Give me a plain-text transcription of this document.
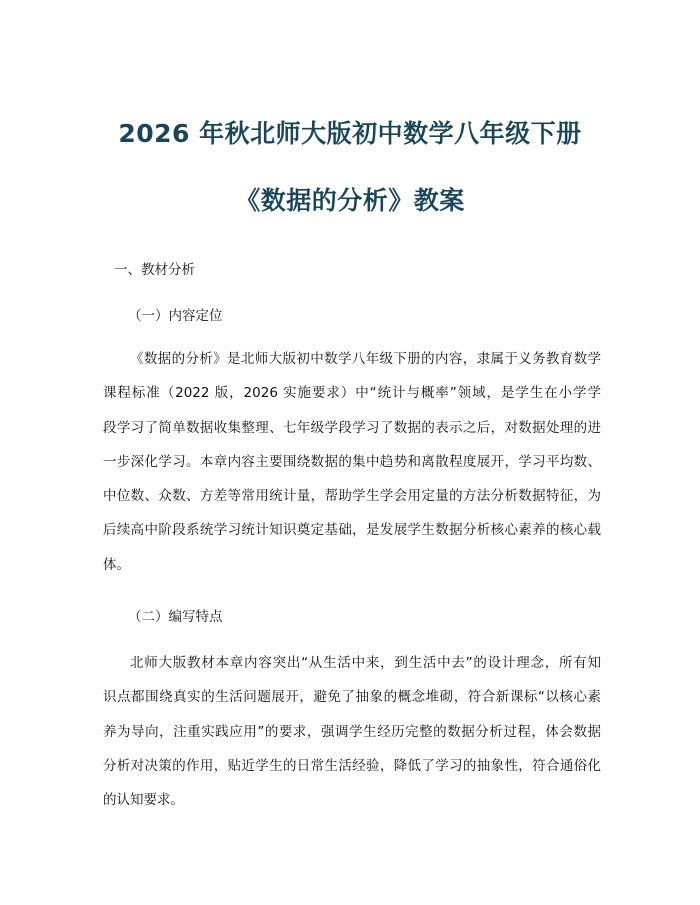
2026 年秋北师大版初中数学八年级下册
《数据的分析》教案
一、教材分析
（一）内容定位
《数据的分析》是北师大版初中数学八年级下册的内容，隶属于义务教育数学
课程标准（2022 版，2026 实施要求）中“统计与概率”领域，是学生在小学学
段学习了简单数据收集整理、七年级学段学习了数据的表示之后，对数据处理的进
一步深化学习。本章内容主要围绕数据的集中趋势和离散程度展开，学习平均数、
中位数、众数、方差等常用统计量，帮助学生学会用定量的方法分析数据特征，为
后续高中阶段系统学习统计知识奠定基础，是发展学生数据分析核心素养的核心载
体。
（二）编写特点
北师大版教材本章内容突出“从生活中来，到生活中去”的设计理念，所有知
识点都围绕真实的生活问题展开，避免了抽象的概念堆砌，符合新课标“以核心素
养为导向，注重实践应用”的要求，强调学生经历完整的数据分析过程，体会数据
分析对决策的作用，贴近学生的日常生活经验，降低了学习的抽象性，符合通俗化
的认知要求。
